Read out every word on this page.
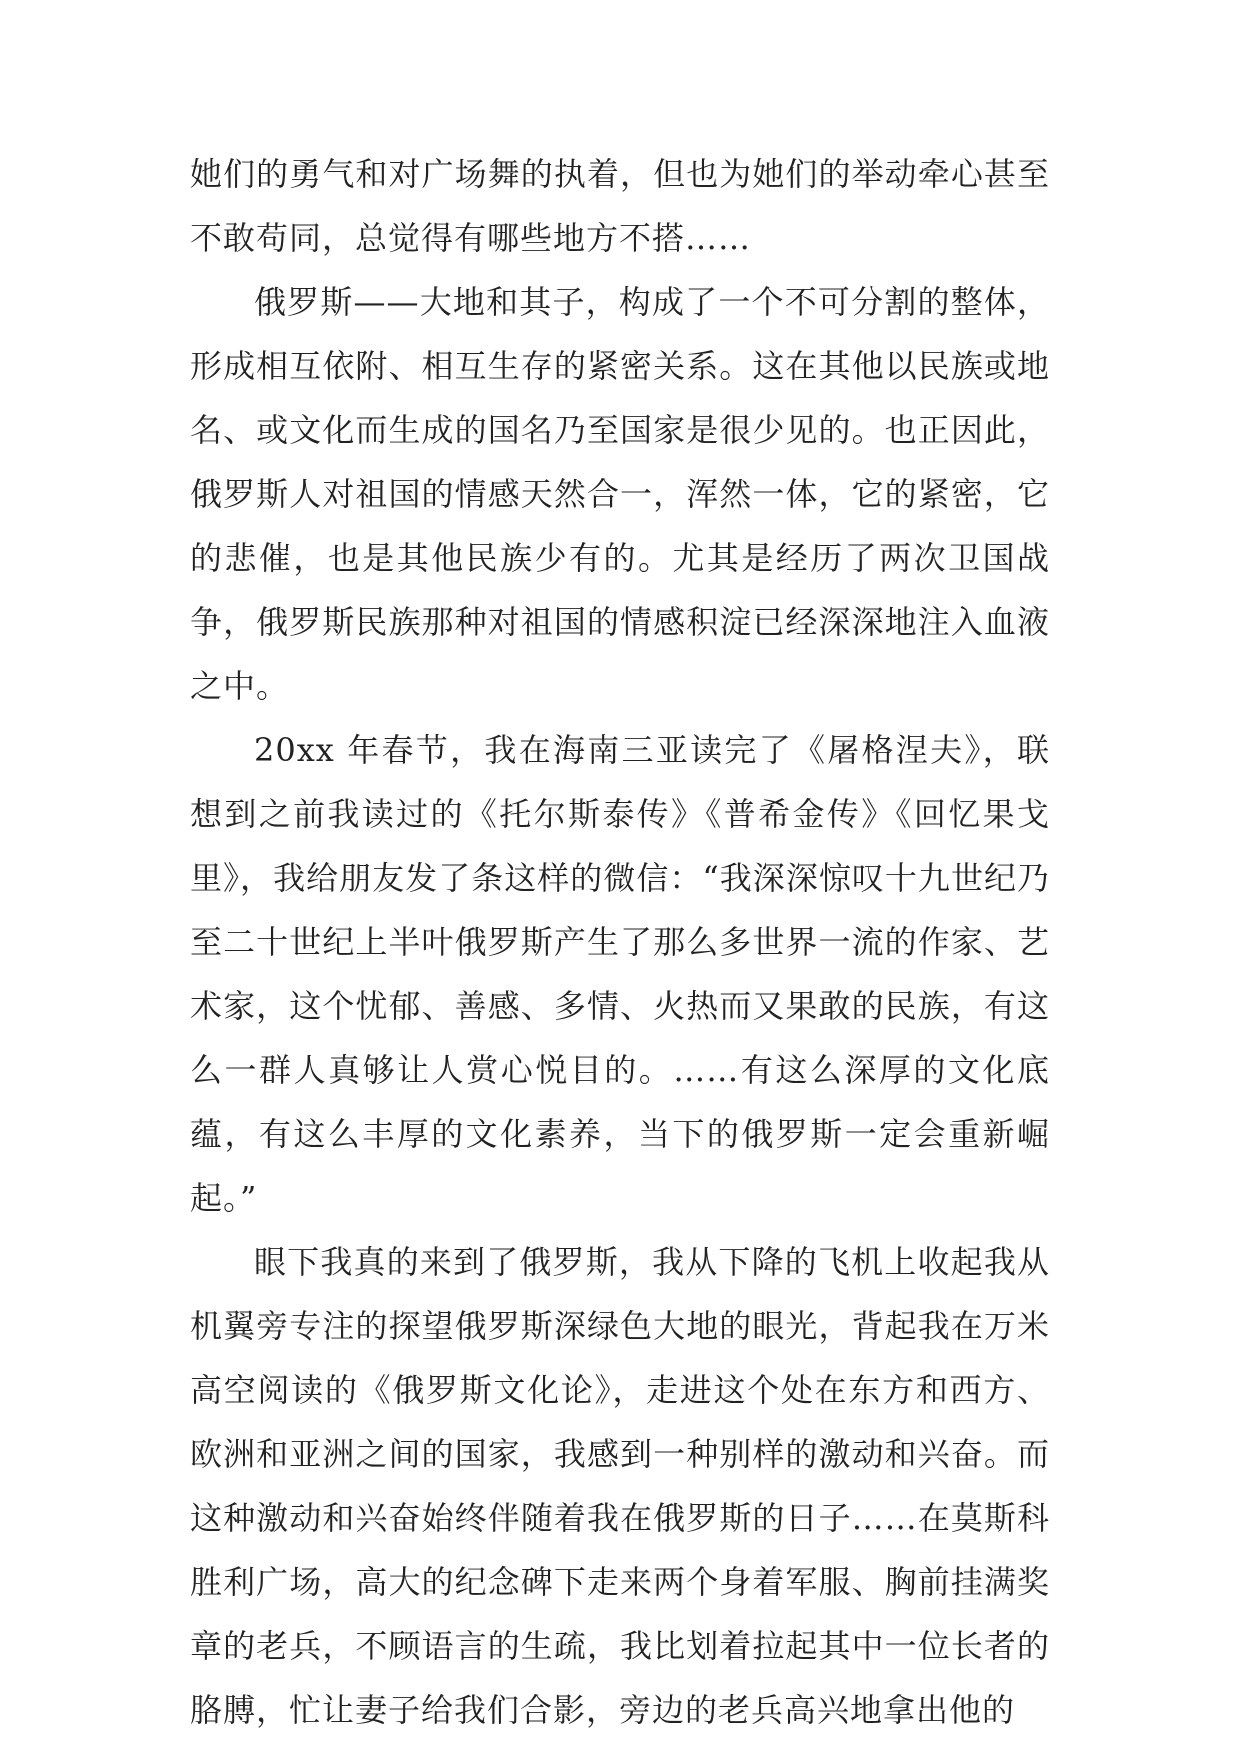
她们的勇气和对广场舞的执着，但也为她们的举动牵心甚至不敢苟同，总觉得有哪些地方不搭……

俄罗斯——大地和其子，构成了一个不可分割的整体，形成相互依附、相互生存的紧密关系。这在其他以民族或地名、或文化而生成的国名乃至国家是很少见的。也正因此，俄罗斯人对祖国的情感天然合一，浑然一体，它的紧密，它的悲催，也是其他民族少有的。尤其是经历了两次卫国战争，俄罗斯民族那种对祖国的情感积淀已经深深地注入血液之中。

20xx 年春节，我在海南三亚读完了《屠格涅夫》，联想到之前我读过的《托尔斯泰传》《普希金传》《回忆果戈里》，我给朋友发了条这样的微信：“我深深惊叹十九世纪乃至二十世纪上半叶俄罗斯产生了那么多世界一流的作家、艺术家，这个忧郁、善感、多情、火热而又果敢的民族，有这么一群人真够让人赏心悦目的。……有这么深厚的文化底蕴，有这么丰厚的文化素养，当下的俄罗斯一定会重新崛起。”

眼下我真的来到了俄罗斯，我从下降的飞机上收起我从机翼旁专注的探望俄罗斯深绿色大地的眼光，背起我在万米高空阅读的《俄罗斯文化论》，走进这个处在东方和西方、欧洲和亚洲之间的国家，我感到一种别样的激动和兴奋。而这种激动和兴奋始终伴随着我在俄罗斯的日子……在莫斯科胜利广场，高大的纪念碑下走来两个身着军服、胸前挂满奖章的老兵，不顾语言的生疏，我比划着拉起其中一位长者的胳膊，忙让妻子给我们合影，旁边的老兵高兴地拿出他的
